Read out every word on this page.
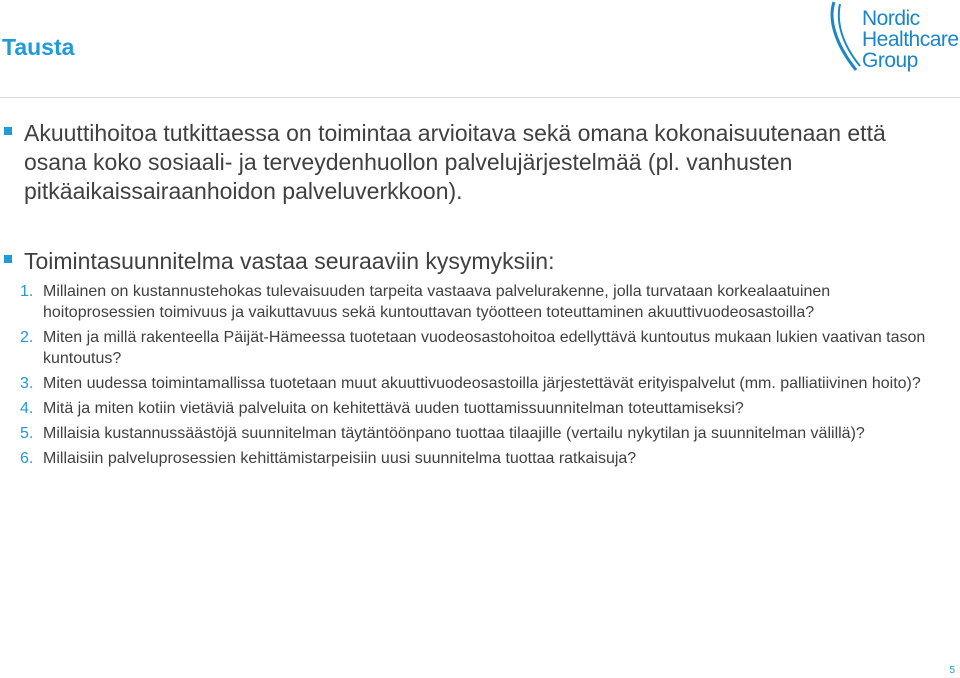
Tausta
Nordic
Healthcare
Group
Akuuttihoitoa tutkittaessa on toimintaa arvioitava sekä omana kokonaisuutenaan että osana koko sosiaali- ja terveydenhuollon palvelujärjestelmää (pl. vanhusten pitkäaikaissairaanhoidon palveluverkkoon).
Toimintasuunnitelma vastaa seuraaviin kysymyksiin:
1. Millainen on kustannustehokas tulevaisuuden tarpeita vastaava palvelurakenne, jolla turvataan korkealaatuinen hoitoprosessien toimivuus ja vaikuttavuus sekä kuntouttavan työotteen toteuttaminen akuuttivuodeosastoilla?
2. Miten ja millä rakenteella Päijät-Hämeessa tuotetaan vuodeosastohoitoa edellyttävä kuntoutus mukaan lukien vaativan tason kuntoutus?
3. Miten uudessa toimintamallissa tuotetaan muut akuuttivuodeosastoilla järjestettävät erityispalvelut (mm. palliatiivinen hoito)?
4. Mitä ja miten kotiin vietäviä palveluita on kehitettävä uuden tuottamissuunnitelman toteuttamiseksi?
5. Millaisia kustannussäästöjä suunnitelman täytäntöönpano tuottaa tilaajille (vertailu nykytilan ja suunnitelman välillä)?
6. Millaisiin palveluprosessien kehittämistarpeisiin uusi suunnitelma tuottaa ratkaisuja?
5
